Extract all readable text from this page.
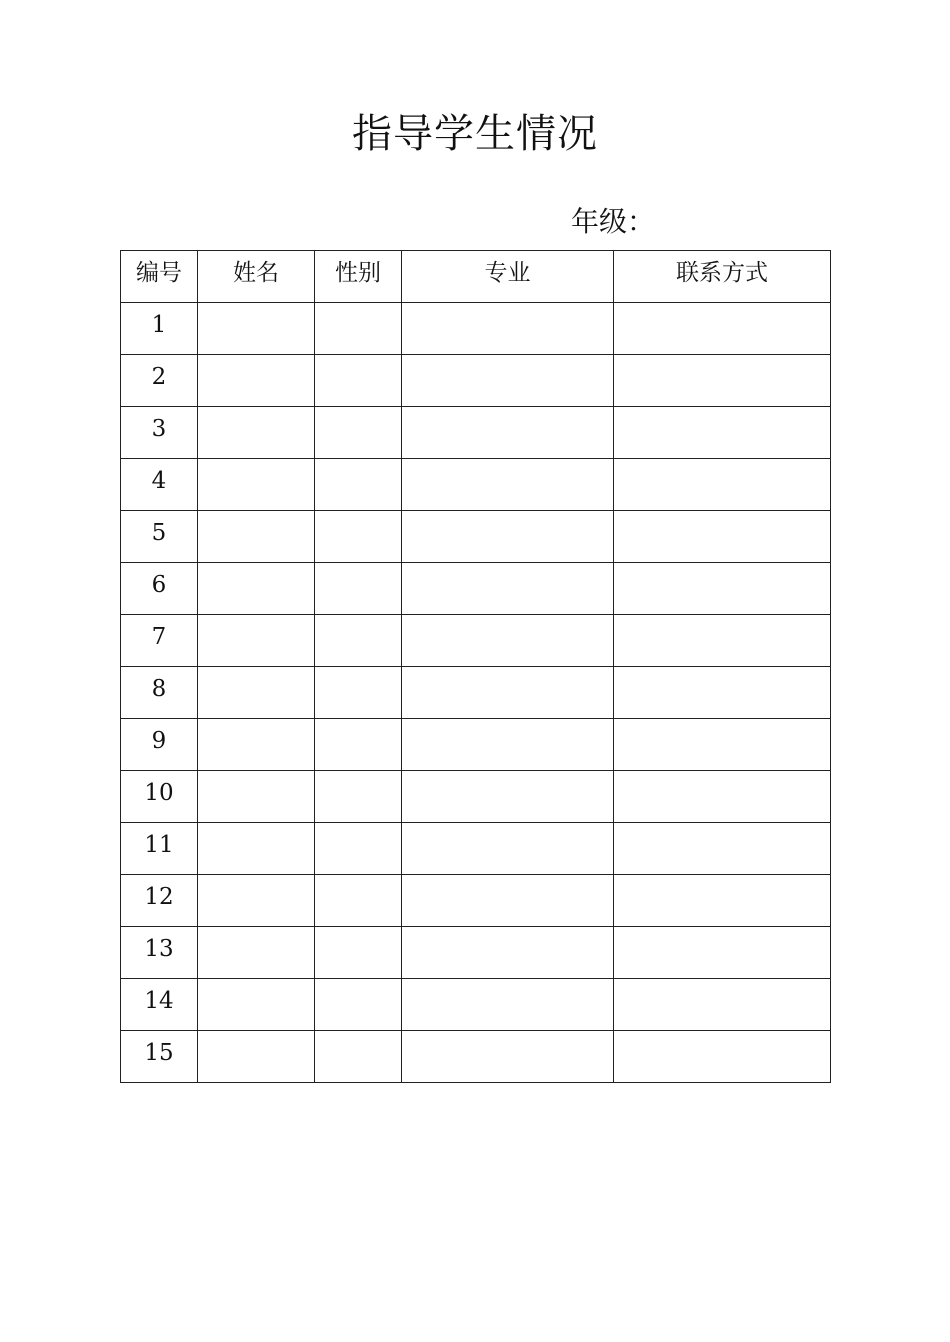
指导学生情况
年级：
编号	姓名	性别	专业	联系方式
1				
2				
3				
4				
5				
6				
7				
8				
9				
10				
11				
12				
13				
14				
15				
